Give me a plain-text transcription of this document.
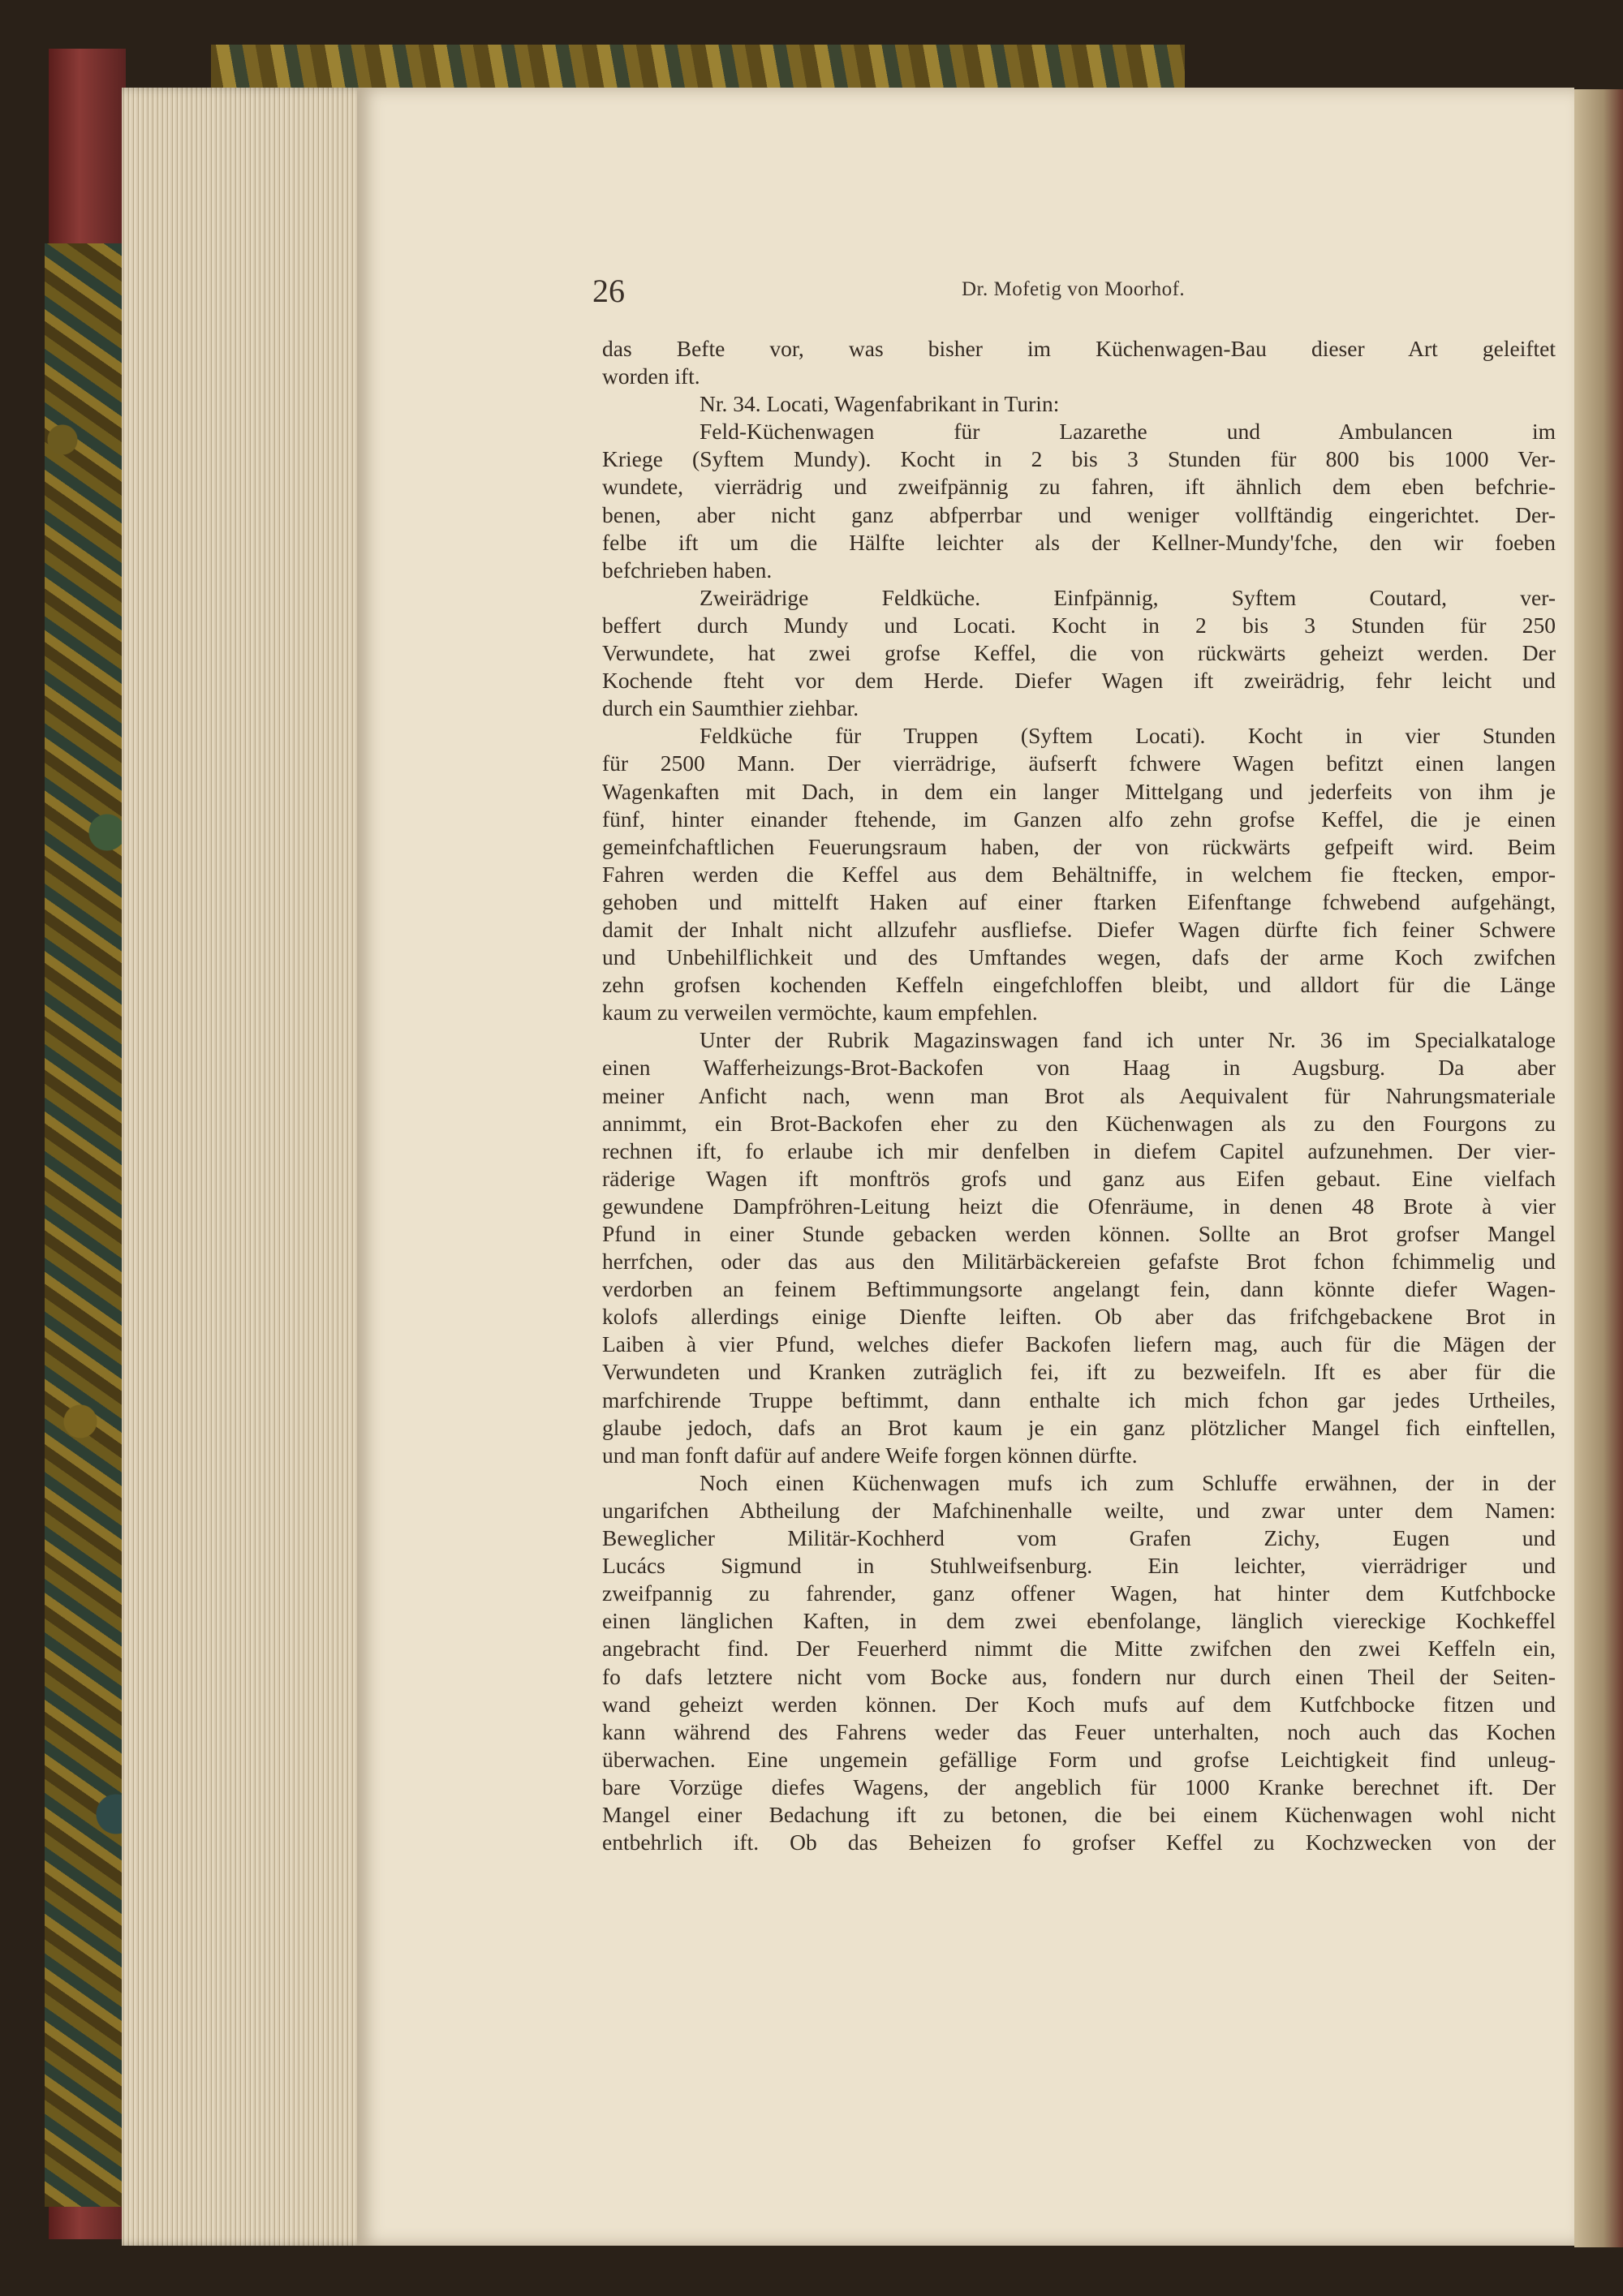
26	Dr. Mofetig von Moorhof.
das Befte vor, was bisher im Küchenwagen-Bau dieser Art geleiftet
worden ift.
Nr. 34. Locati, Wagenfabrikant in Turin:
Feld-Küchenwagen für Lazarethe und Ambulancen im
Kriege (Syftem Mundy). Kocht in 2 bis 3 Stunden für 800 bis 1000 Ver-
wundete, vierrädrig und zweifpännig zu fahren, ift ähnlich dem eben befchrie-
benen, aber nicht ganz abfperrbar und weniger vollftändig eingerichtet. Der-
felbe ift um die Hälfte leichter als der Kellner-Mundy'fche, den wir foeben
befchrieben haben.
Zweirädrige Feldküche. Einfpännig, Syftem Coutard, ver-
beffert durch Mundy und Locati. Kocht in 2 bis 3 Stunden für 250
Verwundete, hat zwei grofse Keffel, die von rückwärts geheizt werden. Der
Kochende fteht vor dem Herde. Diefer Wagen ift zweirädrig, fehr leicht und
durch ein Saumthier ziehbar.
Feldküche für Truppen (Syftem Locati). Kocht in vier Stunden
für 2500 Mann. Der vierrädrige, äufserft fchwere Wagen befitzt einen langen
Wagenkaften mit Dach, in dem ein langer Mittelgang und jederfeits von ihm je
fünf, hinter einander ftehende, im Ganzen alfo zehn grofse Keffel, die je einen
gemeinfchaftlichen Feuerungsraum haben, der von rückwärts gefpeift wird. Beim
Fahren werden die Keffel aus dem Behältniffe, in welchem fie ftecken, empor-
gehoben und mittelft Haken auf einer ftarken Eifenftange fchwebend aufgehängt,
damit der Inhalt nicht allzufehr ausfliefse. Diefer Wagen dürfte fich feiner Schwere
und Unbehilflichkeit und des Umftandes wegen, dafs der arme Koch zwifchen
zehn grofsen kochenden Keffeln eingefchloffen bleibt, und alldort für die Länge
kaum zu verweilen vermöchte, kaum empfehlen.
Unter der Rubrik Magazinswagen fand ich unter Nr. 36 im Specialkataloge
einen Wafferheizungs-Brot-Backofen von Haag in Augsburg. Da aber
meiner Anficht nach, wenn man Brot als Aequivalent für Nahrungsmateriale
annimmt, ein Brot-Backofen eher zu den Küchenwagen als zu den Fourgons zu
rechnen ift, fo erlaube ich mir denfelben in diefem Capitel aufzunehmen. Der vier-
räderige Wagen ift monftrös grofs und ganz aus Eifen gebaut. Eine vielfach
gewundene Dampfröhren-Leitung heizt die Ofenräume, in denen 48 Brote à vier
Pfund in einer Stunde gebacken werden können. Sollte an Brot grofser Mangel
herrfchen, oder das aus den Militärbäckereien gefafste Brot fchon fchimmelig und
verdorben an feinem Beftimmungsorte angelangt fein, dann könnte diefer Wagen-
kolofs allerdings einige Dienfte leiften. Ob aber das frifchgebackene Brot in
Laiben à vier Pfund, welches diefer Backofen liefern mag, auch für die Mägen der
Verwundeten und Kranken zuträglich fei, ift zu bezweifeln. Ift es aber für die
marfchirende Truppe beftimmt, dann enthalte ich mich fchon gar jedes Urtheiles,
glaube jedoch, dafs an Brot kaum je ein ganz plötzlicher Mangel fich einftellen,
und man fonft dafür auf andere Weife forgen können dürfte.
Noch einen Küchenwagen mufs ich zum Schluffe erwähnen, der in der
ungarifchen Abtheilung der Mafchinenhalle weilte, und zwar unter dem Namen:
Beweglicher Militär-Kochherd vom Grafen Zichy, Eugen und
Lucács Sigmund in Stuhlweifsenburg. Ein leichter, vierrädriger und
zweifpannig zu fahrender, ganz offener Wagen, hat hinter dem Kutfchbocke
einen länglichen Kaften, in dem zwei ebenfolange, länglich viereckige Kochkeffel
angebracht find. Der Feuerherd nimmt die Mitte zwifchen den zwei Keffeln ein,
fo dafs letztere nicht vom Bocke aus, fondern nur durch einen Theil der Seiten-
wand geheizt werden können. Der Koch mufs auf dem Kutfchbocke fitzen und
kann während des Fahrens weder das Feuer unterhalten, noch auch das Kochen
überwachen. Eine ungemein gefällige Form und grofse Leichtigkeit find unleug-
bare Vorzüge diefes Wagens, der angeblich für 1000 Kranke berechnet ift. Der
Mangel einer Bedachung ift zu betonen, die bei einem Küchenwagen wohl nicht
entbehrlich ift. Ob das Beheizen fo grofser Keffel zu Kochzweckеn von der
